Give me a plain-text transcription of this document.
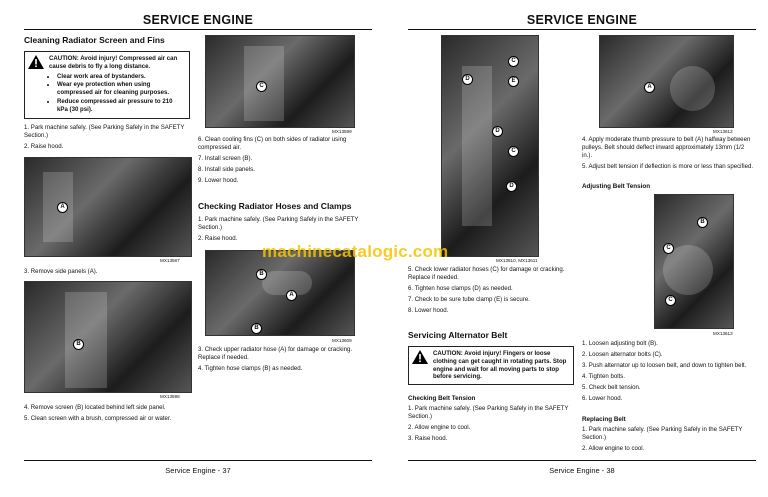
SERVICE ENGINE
Cleaning Radiator Screen and Fins
CAUTION: Avoid injury! Compressed air can cause debris to fly a long distance.
• Clear work area of bystanders.
• Wear eye protection when using compressed air for cleaning purposes.
• Reduce compressed air pressure to 210 kPa (30 psi).
1. Park machine safely. (See Parking Safely in the SAFETY Section.)
2. Raise hood.
A
MX13587
3. Remove side panels (A).
B
MX13598
4. Remove screen (B) located behind left side panel.
5. Clean screen with a brush, compressed air or water.
C
MX13599
6. Clean cooling fins (C) on both sides of radiator using compressed air.
7. Install screen (B).
8. Install side panels.
9. Lower hood.
Checking Radiator Hoses and Clamps
1. Park machine safely. (See Parking Safely in the SAFETY Section.)
2. Raise hood.
B
A
B
MX13609
3. Check upper radiator hose (A) for damage or cracking. Replace if needed.
4. Tighten hose clamps (B) as needed.
Service Engine - 37
SERVICE ENGINE
C
D	E
D
C
D
MX13610, MX13611
5. Check lower radiator hoses (C) for damage or cracking. Replace if needed.
6. Tighten hose clamps (D) as needed.
7. Check to be sure tube clamp (E) is secure.
8. Lower hood.
Servicing Alternator Belt
CAUTION: Avoid injury! Fingers or loose clothing can get caught in rotating parts. Stop engine and wait for all moving parts to stop before servicing.
Checking Belt Tension
1. Park machine safely. (See Parking Safely in the SAFETY Section.)
2. Allow engine to cool.
3. Raise hood.
A
MX13612
4. Apply moderate thumb pressure to belt (A) halfway between pulleys. Belt should deflect inward approximately 13mm (1/2 in.).
5. Adjust belt tension if deflection is more or less than specified.
Adjusting Belt Tension
B
C
C
MX13613
1. Loosen adjusting bolt (B).
2. Loosen alternator bolts (C).
3. Push alternator up to loosen belt, and down to tighten belt.
4. Tighten bolts.
5. Check belt tension.
6. Lower hood.
Replacing Belt
1. Park machine safely. (See Parking Safely in the SAFETY Section.)
2. Allow engine to cool.
Service Engine - 38
machinecatalogic.com
